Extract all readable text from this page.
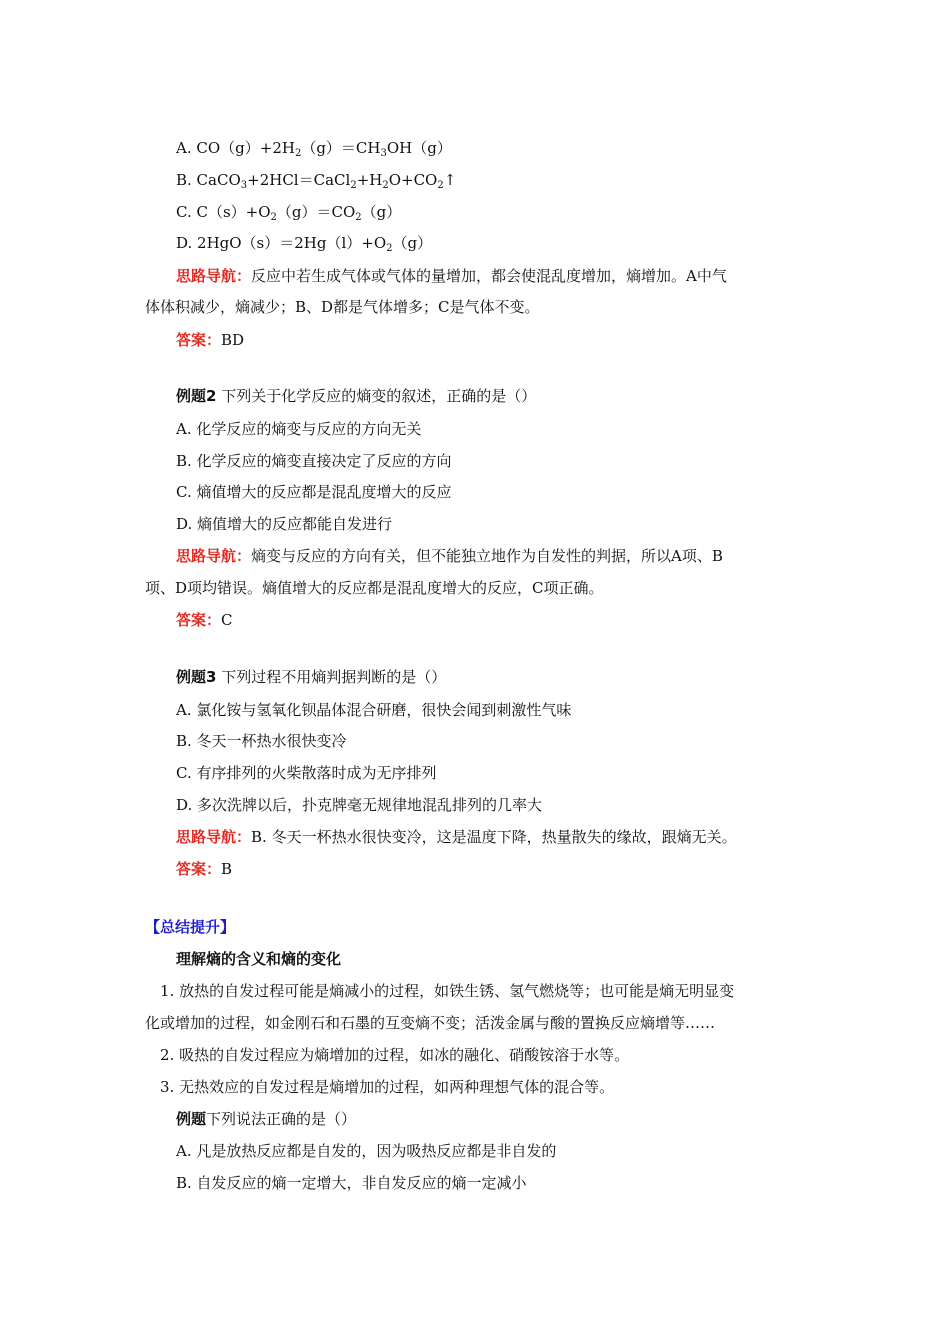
A. $CO(g)+2H_2(g)=CH_3OH(g)$
B. $CaCO_3+2HCl=CaCl_2+H_2O+CO_2↑$
C. $C(s)+O_2(g)=CO_2(g)$
D. $2HgO(s)=2Hg(l)+O_2(g)$
思路导航：反应中若生成气体或气体的量增加，都会使混乱度增加，熵增加。A中气
体体积减少，熵减少；B、D都是气体增多；C是气体不变。
答案：BD
例题2 下列关于化学反应的熵变的叙述，正确的是（）
A. 化学反应的熵变与反应的方向无关
B. 化学反应的熵变直接决定了反应的方向
C. 熵值增大的反应都是混乱度增大的反应
D. 熵值增大的反应都能自发进行
思路导航：熵变与反应的方向有关，但不能独立地作为自发性的判据，所以A项、B
项、D项均错误。熵值增大的反应都是混乱度增大的反应，C项正确。
答案：C
例题3 下列过程不用熵判据判断的是（）
A. 氯化铵与氢氧化钡晶体混合研磨，很快会闻到刺激性气味
B. 冬天一杯热水很快变冷
C. 有序排列的火柴散落时成为无序排列
D. 多次洗牌以后，扑克牌毫无规律地混乱排列的几率大
思路导航：B. 冬天一杯热水很快变冷，这是温度下降，热量散失的缘故，跟熵无关。
答案：B
【总结提升】
理解熵的含义和熵的变化
1. 放热的自发过程可能是熵减小的过程，如铁生锈、氢气燃烧等；也可能是熵无明显变
化或增加的过程，如金刚石和石墨的互变熵不变；活泼金属与酸的置换反应熵增等……
2. 吸热的自发过程应为熵增加的过程，如冰的融化、硝酸铵溶于水等。
3. 无热效应的自发过程是熵增加的过程，如两种理想气体的混合等。
例题下列说法正确的是（）
A. 凡是放热反应都是自发的，因为吸热反应都是非自发的
B. 自发反应的熵一定增大，非自发反应的熵一定减小
